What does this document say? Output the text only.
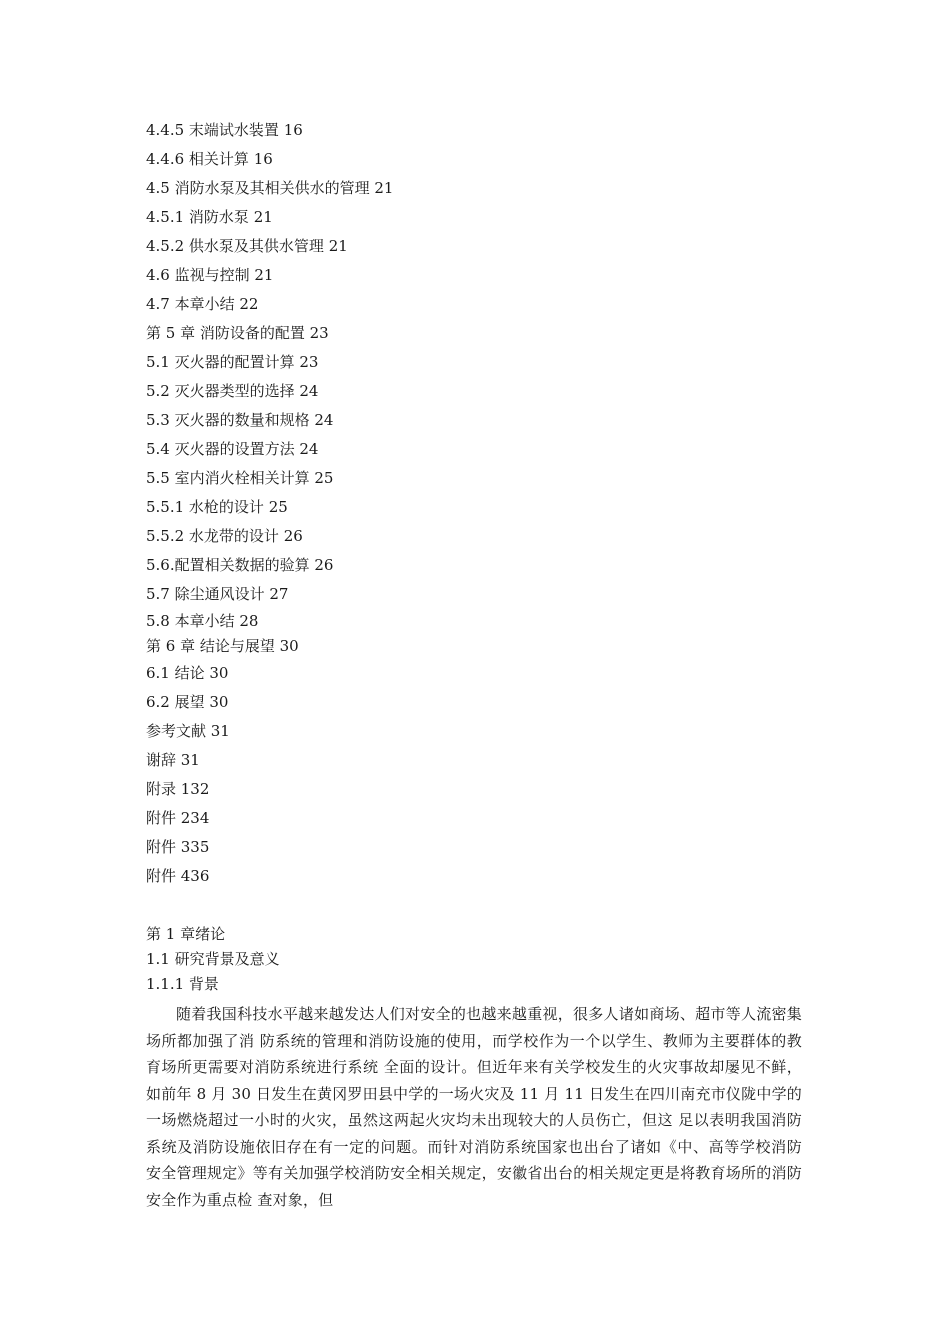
4.4.5 末端试水装置 16
4.4.6 相关计算 16
4.5 消防水泵及其相关供水的管理 21
4.5.1 消防水泵 21
4.5.2 供水泵及其供水管理 21
4.6 监视与控制 21
4.7 本章小结 22
第 5 章 消防设备的配置 23
5.1 灭火器的配置计算 23
5.2 灭火器类型的选择 24
5.3 灭火器的数量和规格 24
5.4 灭火器的设置方法 24
5.5 室内消火栓相关计算 25
5.5.1 水枪的设计 25
5.5.2 水龙带的设计 26
5.6.配置相关数据的验算 26
5.7 除尘通风设计 27
5.8 本章小结 28
第 6 章 结论与展望 30
6.1 结论 30
6.2 展望 30
参考文献 31
谢辞 31
附录 132
附件 234
附件 335
附件 436
第 1 章绪论
1.1 研究背景及意义
1.1.1 背景
随着我国科技水平越来越发达人们对安全的也越来越重视，很多人诸如商场、超市等人流密集场所都加强了消 防系统的管理和消防设施的使用，而学校作为一个以学生、教师为主要群体的教育场所更需要对消防系统进行系统 全面的设计。但近年来有关学校发生的火灾事故却屡见不鲜，如前年 8 月 30 日发生在黄冈罗田县中学的一场火灾及 11 月 11 日发生在四川南充市仪陇中学的一场燃烧超过一小时的火灾，虽然这两起火灾均未出现较大的人员伤亡，但这 足以表明我国消防系统及消防设施依旧存在有一定的问题。而针对消防系统国家也出台了诸如《中、高等学校消防 安全管理规定》等有关加强学校消防安全相关规定，安徽省出台的相关规定更是将教育场所的消防安全作为重点检 查对象，但
